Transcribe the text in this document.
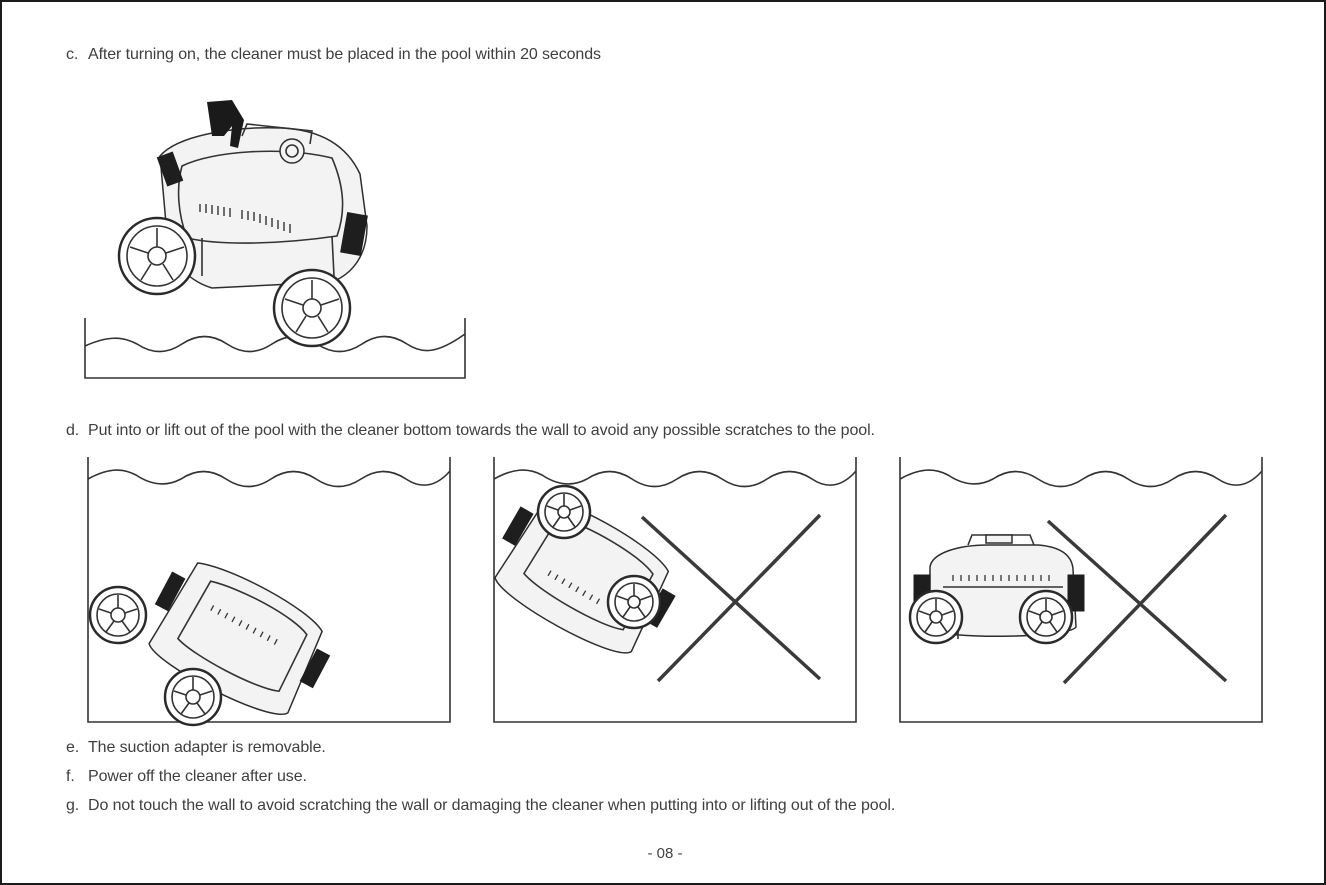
c. After turning on, the cleaner must be placed in the pool within 20 seconds
d. Put into or lift out of the pool with the cleaner bottom towards the wall to avoid any possible scratches to the pool.
e. The suction adapter is removable.
f. Power off the cleaner after use.
g. Do not touch the wall to avoid scratching the wall or damaging the cleaner when putting into or lifting out of the pool.
- 08 -
